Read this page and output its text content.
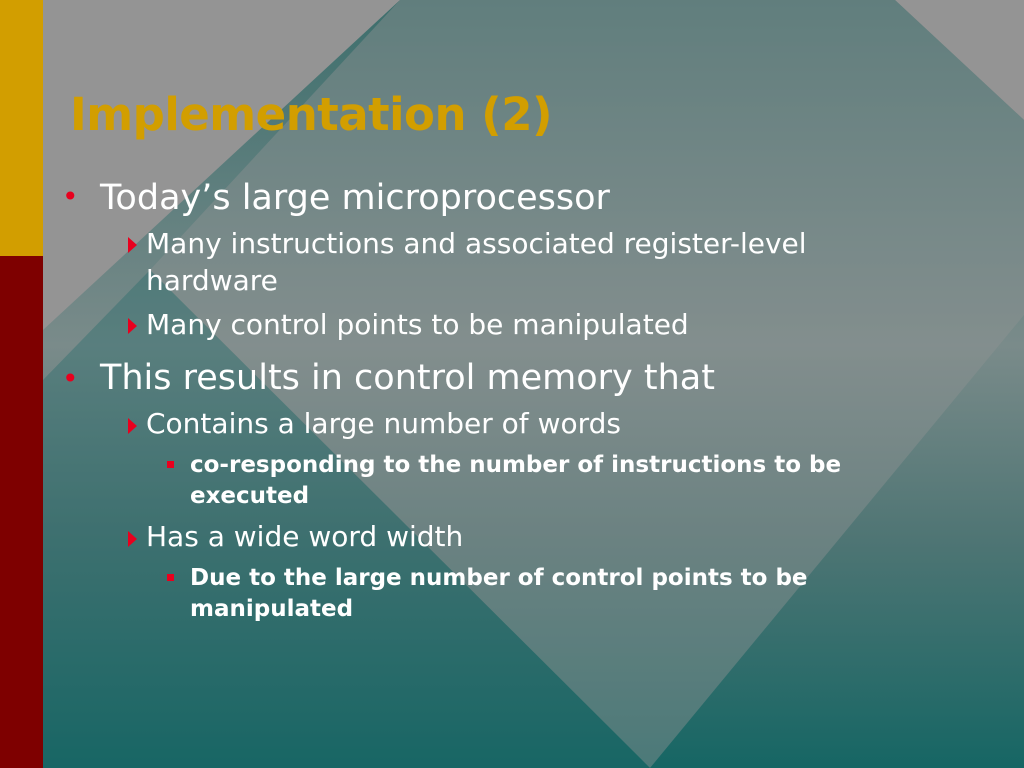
Implementation (2)
• Today’s large microprocessor
Many instructions and associated register-level
hardware
Many control points to be manipulated
• This results in control memory that
Contains a large number of words
co-responding to the number of instructions to be
executed
Has a wide word width
Due to the large number of control points to be
manipulated
